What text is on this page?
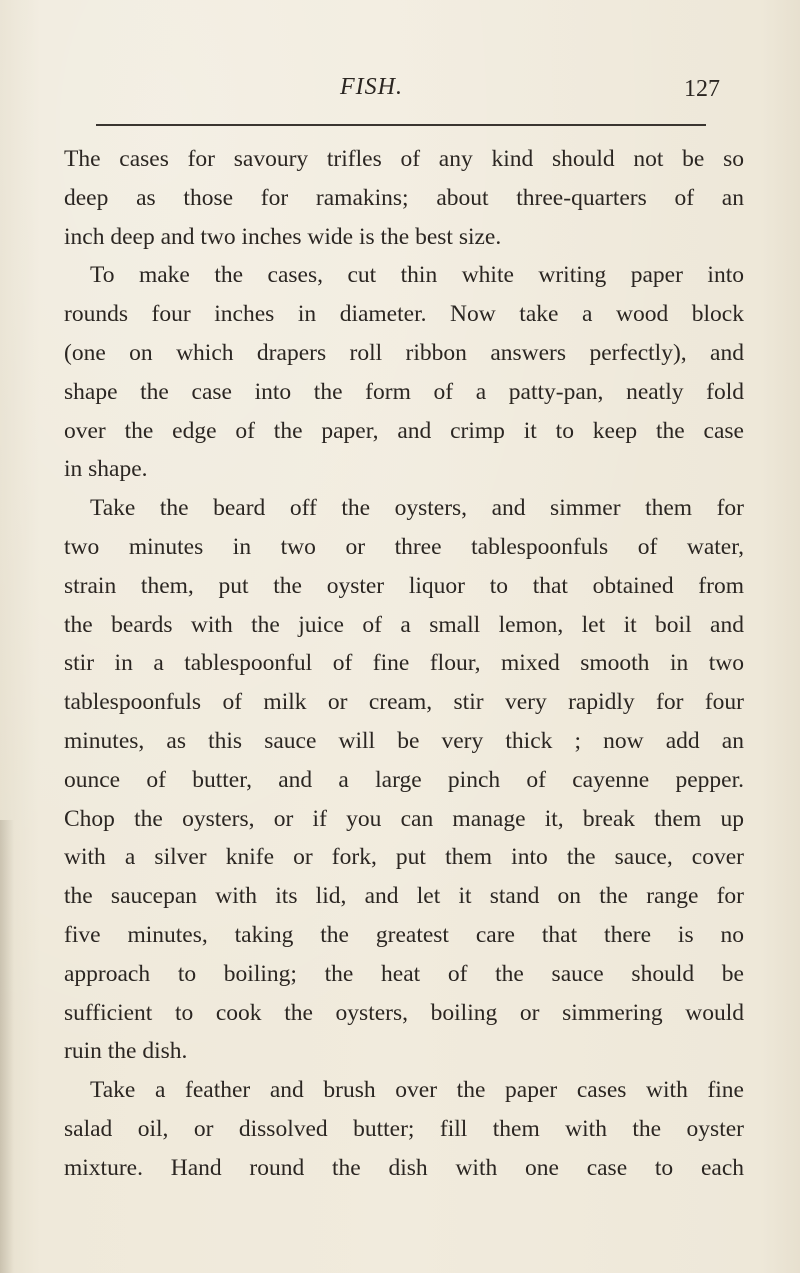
FISH.	127
The cases for savoury trifles of any kind should not be so
deep as those for ramakins; about three-quarters of an
inch deep and two inches wide is the best size.
To make the cases, cut thin white writing paper into
rounds four inches in diameter. Now take a wood block
(one on which drapers roll ribbon answers perfectly), and
shape the case into the form of a patty-pan, neatly fold
over the edge of the paper, and crimp it to keep the case
in shape.
Take the beard off the oysters, and simmer them for
two minutes in two or three tablespoonfuls of water,
strain them, put the oyster liquor to that obtained from
the beards with the juice of a small lemon, let it boil and
stir in a tablespoonful of fine flour, mixed smooth in two
tablespoonfuls of milk or cream, stir very rapidly for four
minutes, as this sauce will be very thick ; now add an
ounce of butter, and a large pinch of cayenne pepper.
Chop the oysters, or if you can manage it, break them up
with a silver knife or fork, put them into the sauce, cover
the saucepan with its lid, and let it stand on the range for
five minutes, taking the greatest care that there is no
approach to boiling; the heat of the sauce should be
sufficient to cook the oysters, boiling or simmering would
ruin the dish.
Take a feather and brush over the paper cases with fine
salad oil, or dissolved butter; fill them with the oyster
mixture. Hand round the dish with one case to each
